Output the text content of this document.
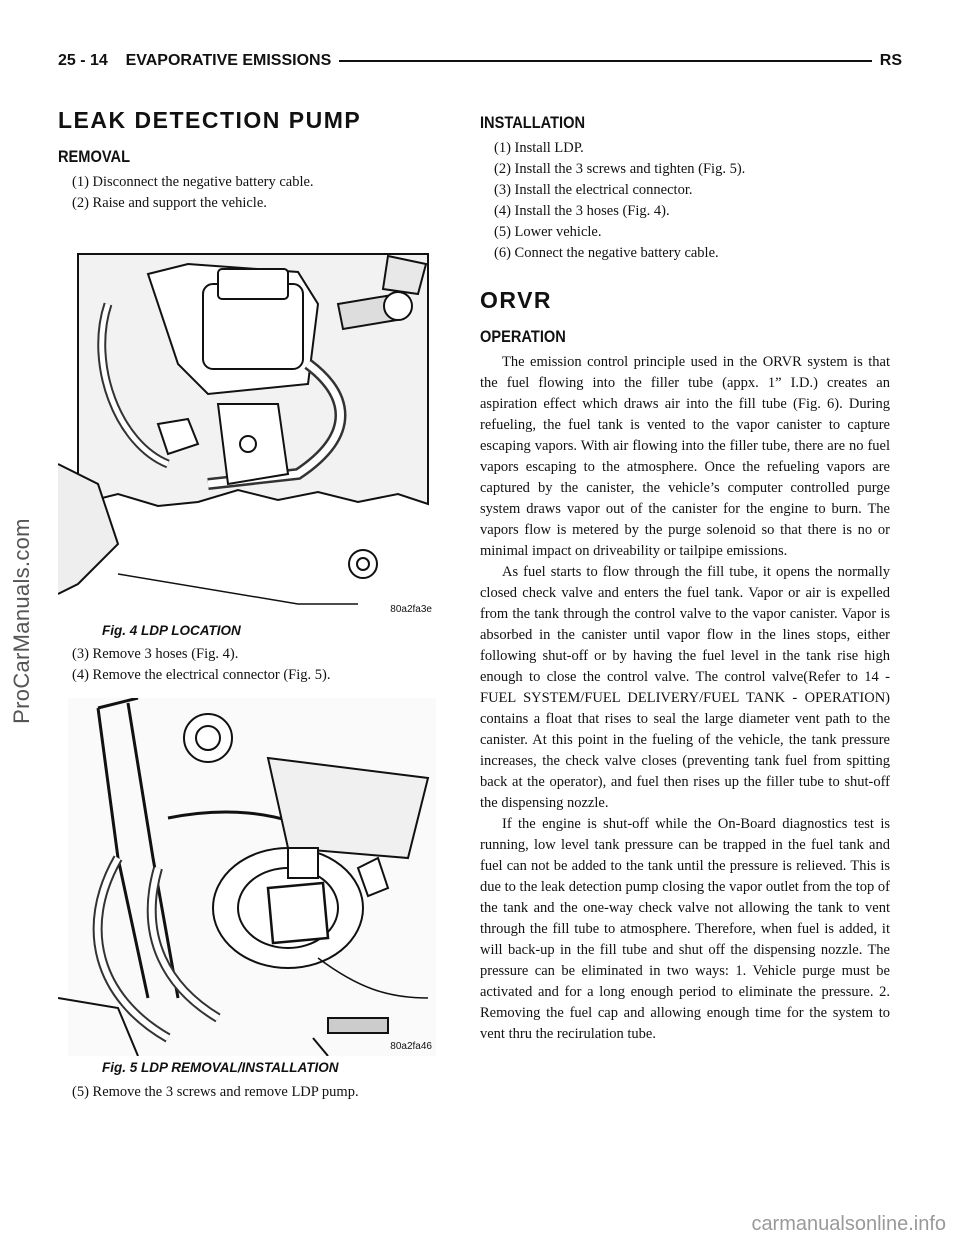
ProCarManuals.com
25 - 14    EVAPORATIVE EMISSIONS	RS
LEAK DETECTION PUMP
REMOVAL

(1) Disconnect the negative battery cable.

(2) Raise and support the vehicle.

80a2fa3e
Fig. 4 LDP LOCATION

(3) Remove 3 hoses (Fig. 4).

(4) Remove the electrical connector (Fig. 5).

80a2fa46
Fig. 5 LDP REMOVAL/INSTALLATION

(5) Remove the 3 screws and remove LDP pump.

INSTALLATION

(1) Install LDP.

(2) Install the 3 screws and tighten (Fig. 5).

(3) Install the electrical connector.

(4) Install the 3 hoses (Fig. 4).

(5) Lower vehicle.

(6) Connect the negative battery cable.

ORVR
OPERATION

The emission control principle used in the ORVR system is that the fuel flowing into the filler tube (appx. 1” I.D.) creates an aspiration effect which draws air into the fill tube (Fig. 6). During refueling, the fuel tank is vented to the vapor canister to capture escaping vapors. With air flowing into the filler tube, there are no fuel vapors escaping to the atmosphere. Once the refueling vapors are captured by the canister, the vehicle’s computer controlled purge system draws vapor out of the canister for the engine to burn. The vapors flow is metered by the purge solenoid so that there is no or minimal impact on driveability or tailpipe emissions.

As fuel starts to flow through the fill tube, it opens the normally closed check valve and enters the fuel tank. Vapor or air is expelled from the tank through the control valve to the vapor canister. Vapor is absorbed in the canister until vapor flow in the lines stops, either following shut-off or by having the fuel level in the tank rise high enough to close the control valve. The control valve(Refer to 14 - FUEL SYSTEM/FUEL DELIVERY/FUEL TANK - OPERATION) contains a float that rises to seal the large diameter vent path to the canister. At this point in the fueling of the vehicle, the tank pressure increases, the check valve closes (preventing tank fuel from spitting back at the operator), and fuel then rises up the filler tube to shut-off the dispensing nozzle.

If the engine is shut-off while the On-Board diagnostics test is running, low level tank pressure can be trapped in the fuel tank and fuel can not be added to the tank until the pressure is relieved. This is due to the leak detection pump closing the vapor outlet from the top of the tank and the one-way check valve not allowing the tank to vent through the fill tube to atmosphere. Therefore, when fuel is added, it will back-up in the fill tube and shut off the dispensing nozzle. The pressure can be eliminated in two ways: 1. Vehicle purge must be activated and for a long enough period to eliminate the pressure. 2. Removing the fuel cap and allowing enough time for the system to vent thru the recirulation tube.

carmanualsonline.info
